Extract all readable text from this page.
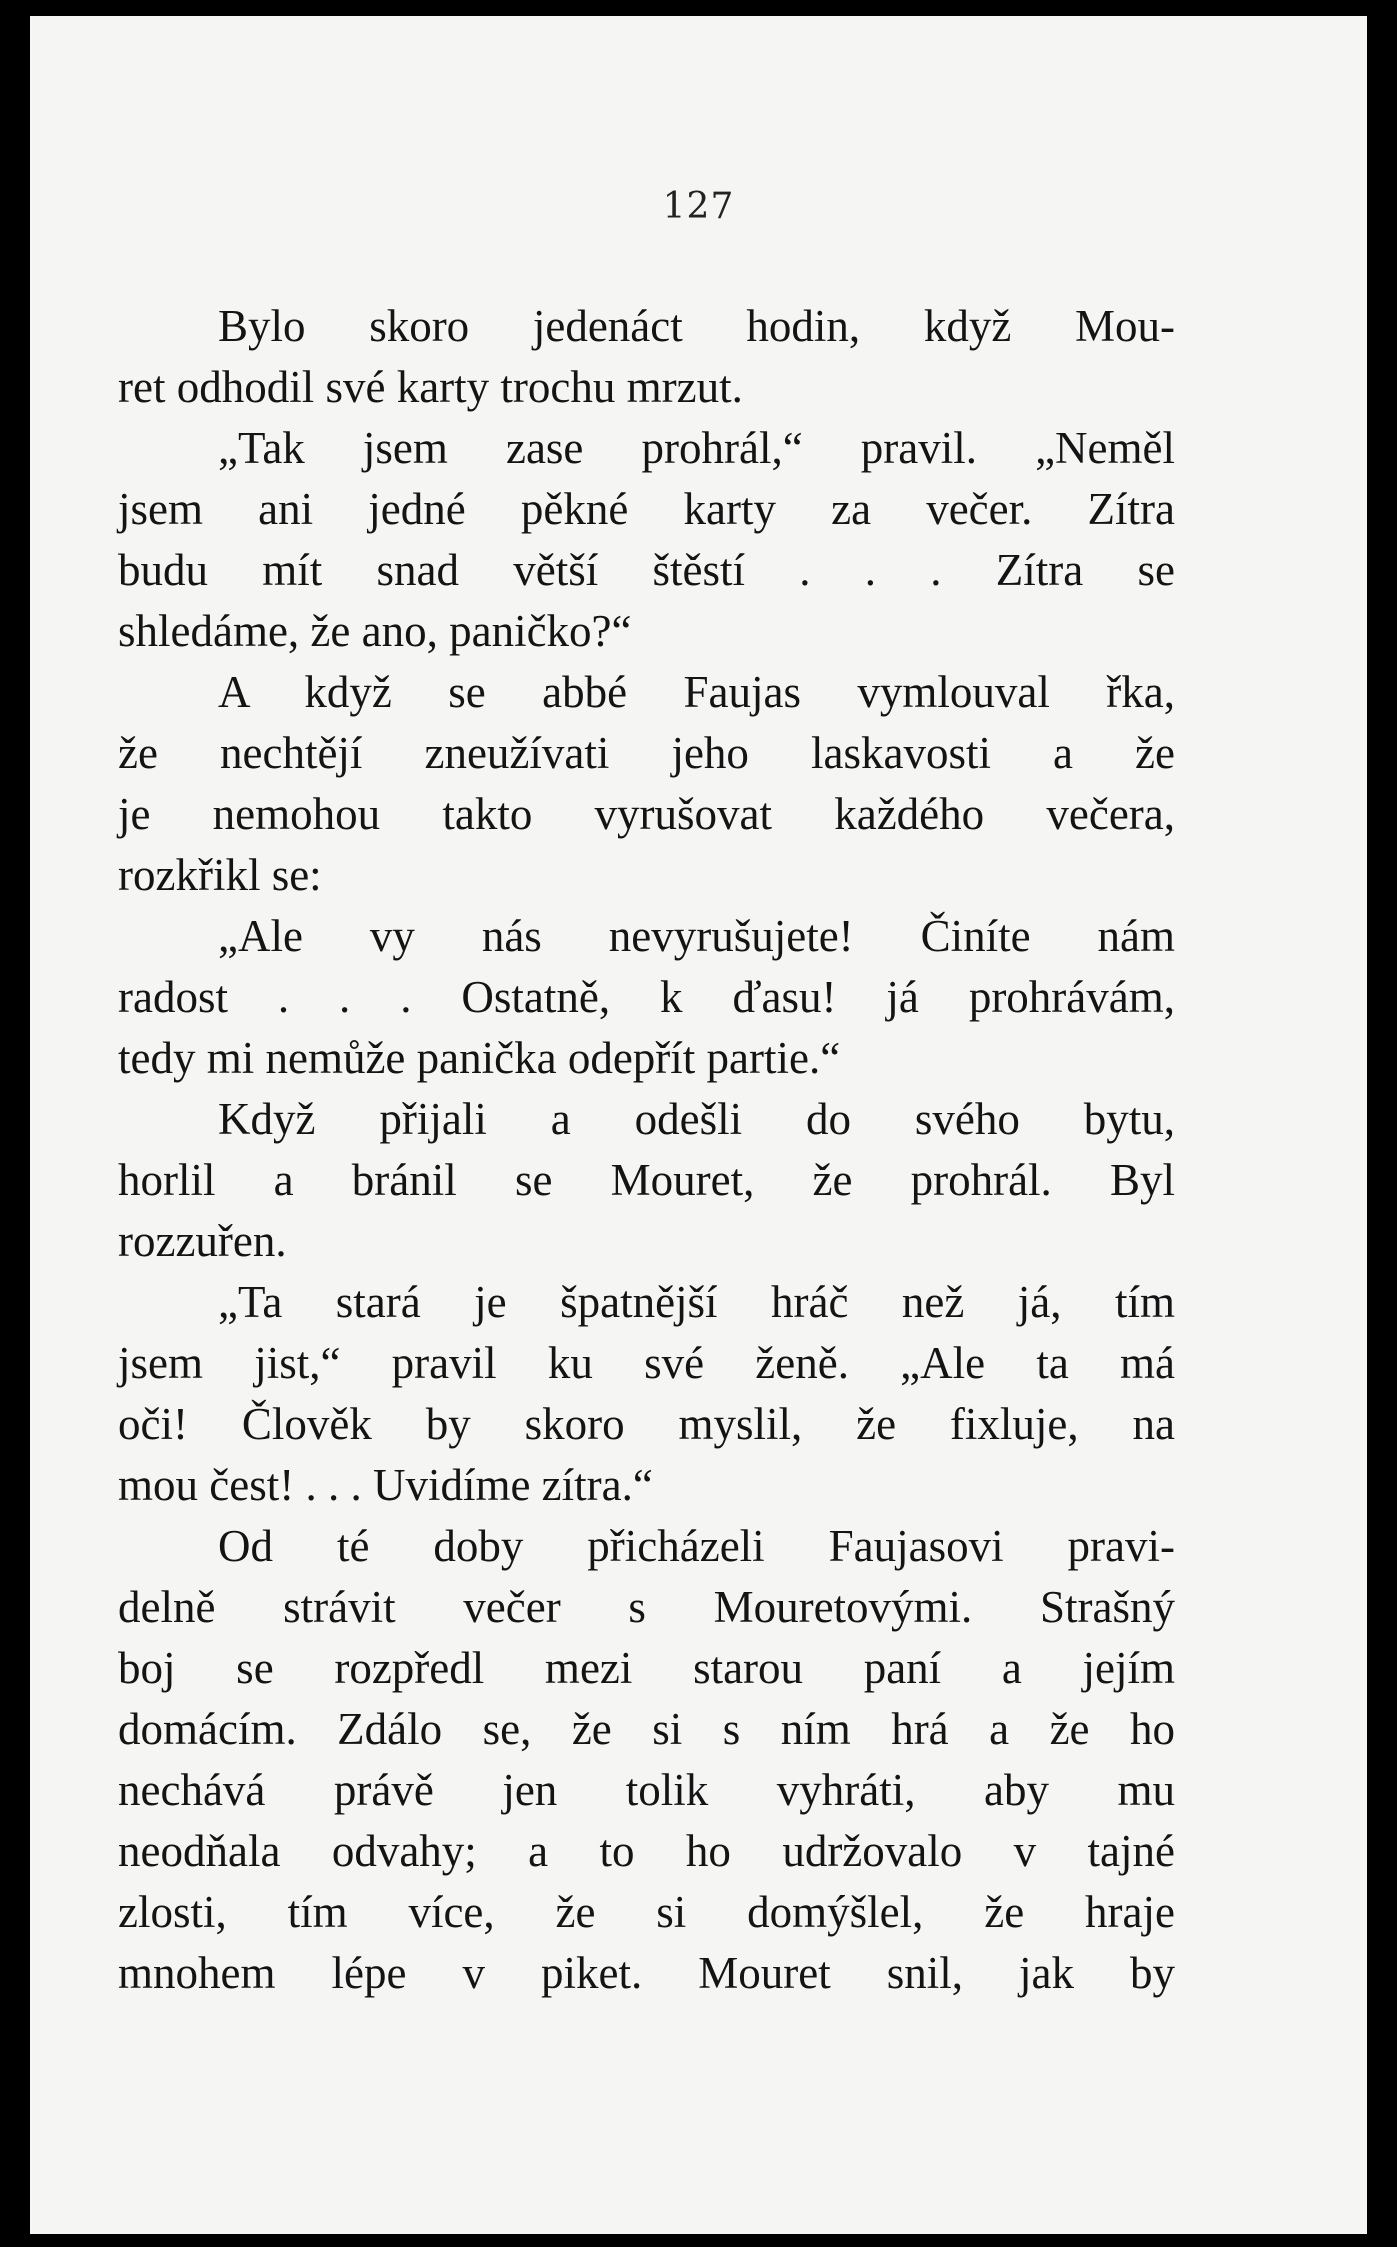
127
Bylo skoro jedenáct hodin, když Mou-
ret odhodil své karty trochu mrzut.
„Tak jsem zase prohrál,“ pravil. „Neměl
jsem ani jedné pěkné karty za večer. Zítra
budu mít snad větší štěstí . . . Zítra se
shledáme, že ano, paničko?“
A když se abbé Faujas vymlouval řka,
že nechtějí zneužívati jeho laskavosti a že
je nemohou takto vyrušovat každého večera,
rozkřikl se:
„Ale vy nás nevyrušujete! Činíte nám
radost . . . Ostatně, k ďasu! já prohrávám,
tedy mi nemůže panička odepřít partie.“
Když přijali a odešli do svého bytu,
horlil a bránil se Mouret, že prohrál. Byl
rozzuřen.
„Ta stará je špatnější hráč než já, tím
jsem jist,“ pravil ku své ženě. „Ale ta má
oči! Člověk by skoro myslil, že fixluje, na
mou čest! . . . Uvidíme zítra.“
Od té doby přicházeli Faujasovi pravi-
delně strávit večer s Mouretovými. Strašný
boj se rozpředl mezi starou paní a jejím
domácím. Zdálo se, že si s ním hrá a že ho
nechává právě jen tolik vyhráti, aby mu
neodňala odvahy; a to ho udržovalo v tajné
zlosti, tím více, že si domýšlel, že hraje
mnohem lépe v piket. Mouret snil, jak by
